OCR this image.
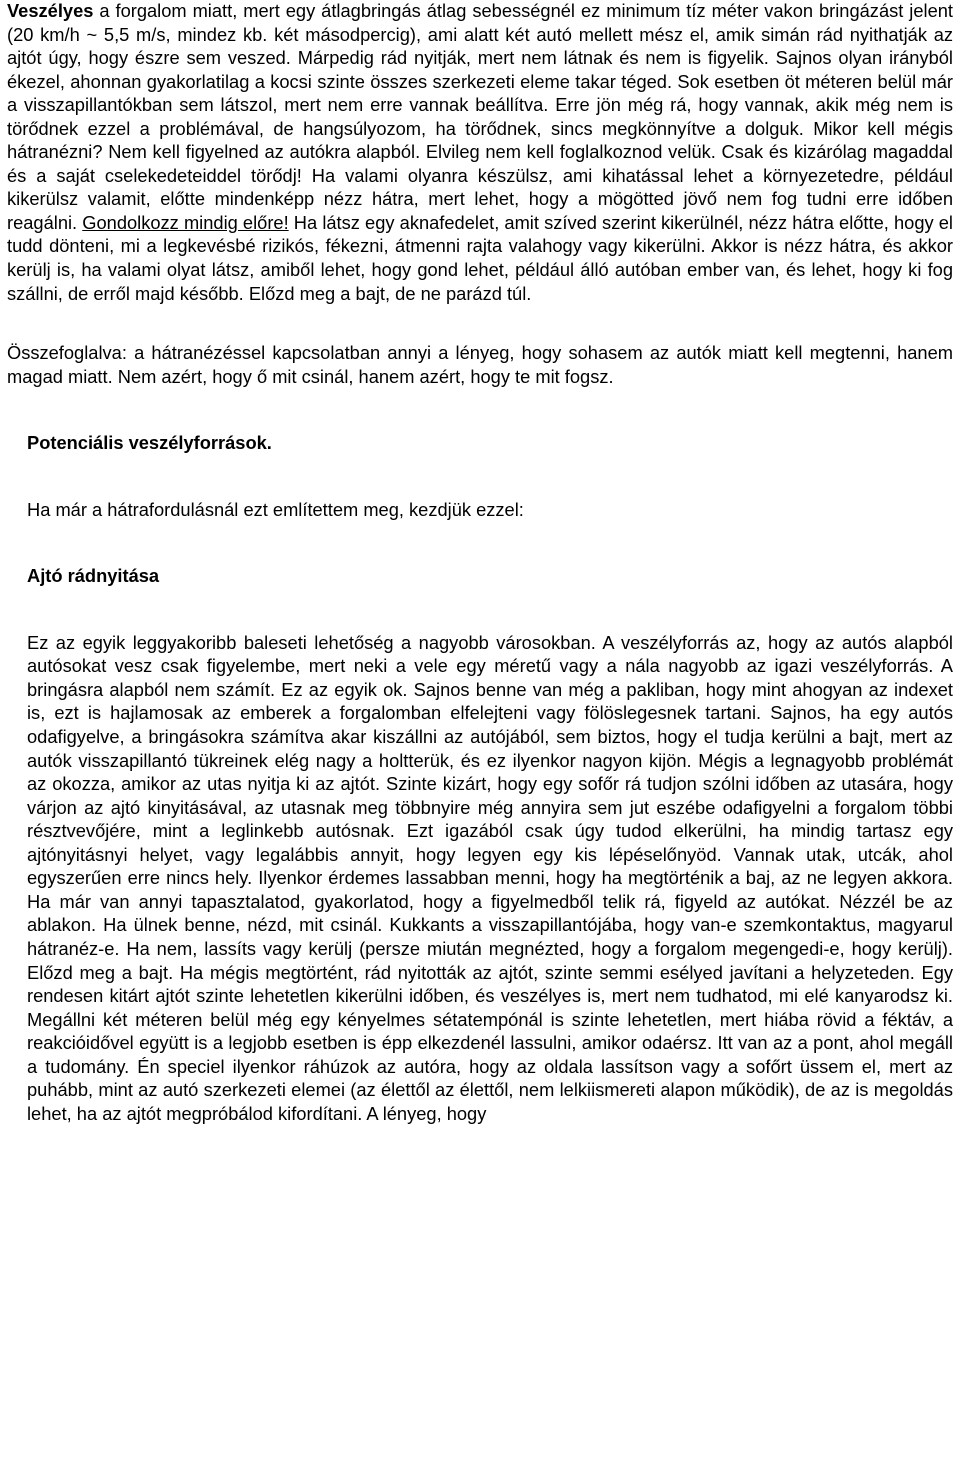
Veszélyes a forgalom miatt, mert egy átlagbringás átlag sebességnél ez minimum tíz méter vakon bringázást jelent (20 km/h ~ 5,5 m/s, mindez kb. két másodpercig), ami alatt két autó mellett mész el, amik simán rád nyithatják az ajtót úgy, hogy észre sem veszed. Márpedig rád nyitják, mert nem látnak és nem is figyelik. Sajnos olyan irányból ékezel, ahonnan gyakorlatilag a kocsi szinte összes szerkezeti eleme takar téged. Sok esetben öt méteren belül már a visszapillantókban sem látszol, mert nem erre vannak beállítva. Erre jön még rá, hogy vannak, akik még nem is törődnek ezzel a problémával, de hangsúlyozom, ha törődnek, sincs megkönnyítve a dolguk. Mikor kell mégis hátranézni? Nem kell figyelned az autókra alapból. Elvileg nem kell foglalkoznod velük. Csak és kizárólag magaddal és a saját cselekedeteiddel törődj! Ha valami olyanra készülsz, ami kihatással lehet a környezetedre, például kikerülsz valamit, előtte mindenképp nézz hátra, mert lehet, hogy a mögötted jövő nem fog tudni erre időben reagálni. Gondolkozz mindig előre! Ha látsz egy aknafedelet, amit szíved szerint kikerülnél, nézz hátra előtte, hogy el tudd dönteni, mi a legkevésbé rizikós, fékezni, átmenni rajta valahogy vagy kikerülni. Akkor is nézz hátra, és akkor kerülj is, ha valami olyat látsz, amiből lehet, hogy gond lehet, például álló autóban ember van, és lehet, hogy ki fog szállni, de erről majd később. Előzd meg a bajt, de ne parázd túl.

Összefoglalva: a hátranézéssel kapcsolatban annyi a lényeg, hogy sohasem az autók miatt kell megtenni, hanem magad miatt. Nem azért, hogy ő mit csinál, hanem azért, hogy te mit fogsz.

Potenciális veszélyforrások.

Ha már a hátrafordulásnál ezt említettem meg, kezdjük ezzel:

Ajtó rádnyitása

Ez az egyik leggyakoribb baleseti lehetőség a nagyobb városokban. A veszélyforrás az, hogy az autós alapból autósokat vesz csak figyelembe, mert neki a vele egy méretű vagy a nála nagyobb az igazi veszélyforrás. A bringásra alapból nem számít. Ez az egyik ok. Sajnos benne van még a pakliban, hogy mint ahogyan az indexet is, ezt is hajlamosak az emberek a forgalomban elfelejteni vagy fölöslegesnek tartani. Sajnos, ha egy autós odafigyelve, a bringásokra számítva akar kiszállni az autójából, sem biztos, hogy el tudja kerülni a bajt, mert az autók visszapillantó tükreinek elég nagy a holtterük, és ez ilyenkor nagyon kijön. Mégis a legnagyobb problémát az okozza, amikor az utas nyitja ki az ajtót. Szinte kizárt, hogy egy sofőr rá tudjon szólni időben az utasára, hogy várjon az ajtó kinyitásával, az utasnak meg többnyire még annyira sem jut eszébe odafigyelni a forgalom többi résztvevőjére, mint a leglinkebb autósnak. Ezt igazából csak úgy tudod elkerülni, ha mindig tartasz egy ajtónyitásnyi helyet, vagy legalábbis annyit, hogy legyen egy kis lépéselőnyöd. Vannak utak, utcák, ahol egyszerűen erre nincs hely. Ilyenkor érdemes lassabban menni, hogy ha megtörténik a baj, az ne legyen akkora. Ha már van annyi tapasztalatod, gyakorlatod, hogy a figyelmedből telik rá, figyeld az autókat. Nézzél be az ablakon. Ha ülnek benne, nézd, mit csinál. Kukkants a visszapillantójába, hogy van-e szemkontaktus, magyarul hátranéz-e. Ha nem, lassíts vagy kerülj (persze miután megnézted, hogy a forgalom megengedi-e, hogy kerülj). Előzd meg a bajt. Ha mégis megtörtént, rád nyitották az ajtót, szinte semmi esélyed javítani a helyzeteden. Egy rendesen kitárt ajtót szinte lehetetlen kikerülni időben, és veszélyes is, mert nem tudhatod, mi elé kanyarodsz ki. Megállni két méteren belül még egy kényelmes sétatempónál is szinte lehetetlen, mert hiába rövid a féktáv, a reakcióidővel együtt is a legjobb esetben is épp elkezdenél lassulni, amikor odaérsz. Itt van az a pont, ahol megáll a tudomány. Én speciel ilyenkor ráhúzok az autóra, hogy az oldala lassítson vagy a sofőrt üssem el, mert az puhább, mint az autó szerkezeti elemei (az élettől az élettől, nem lelkiismereti alapon működik), de az is megoldás lehet, ha az ajtót megpróbálod kifordítani. A lényeg, hogy
